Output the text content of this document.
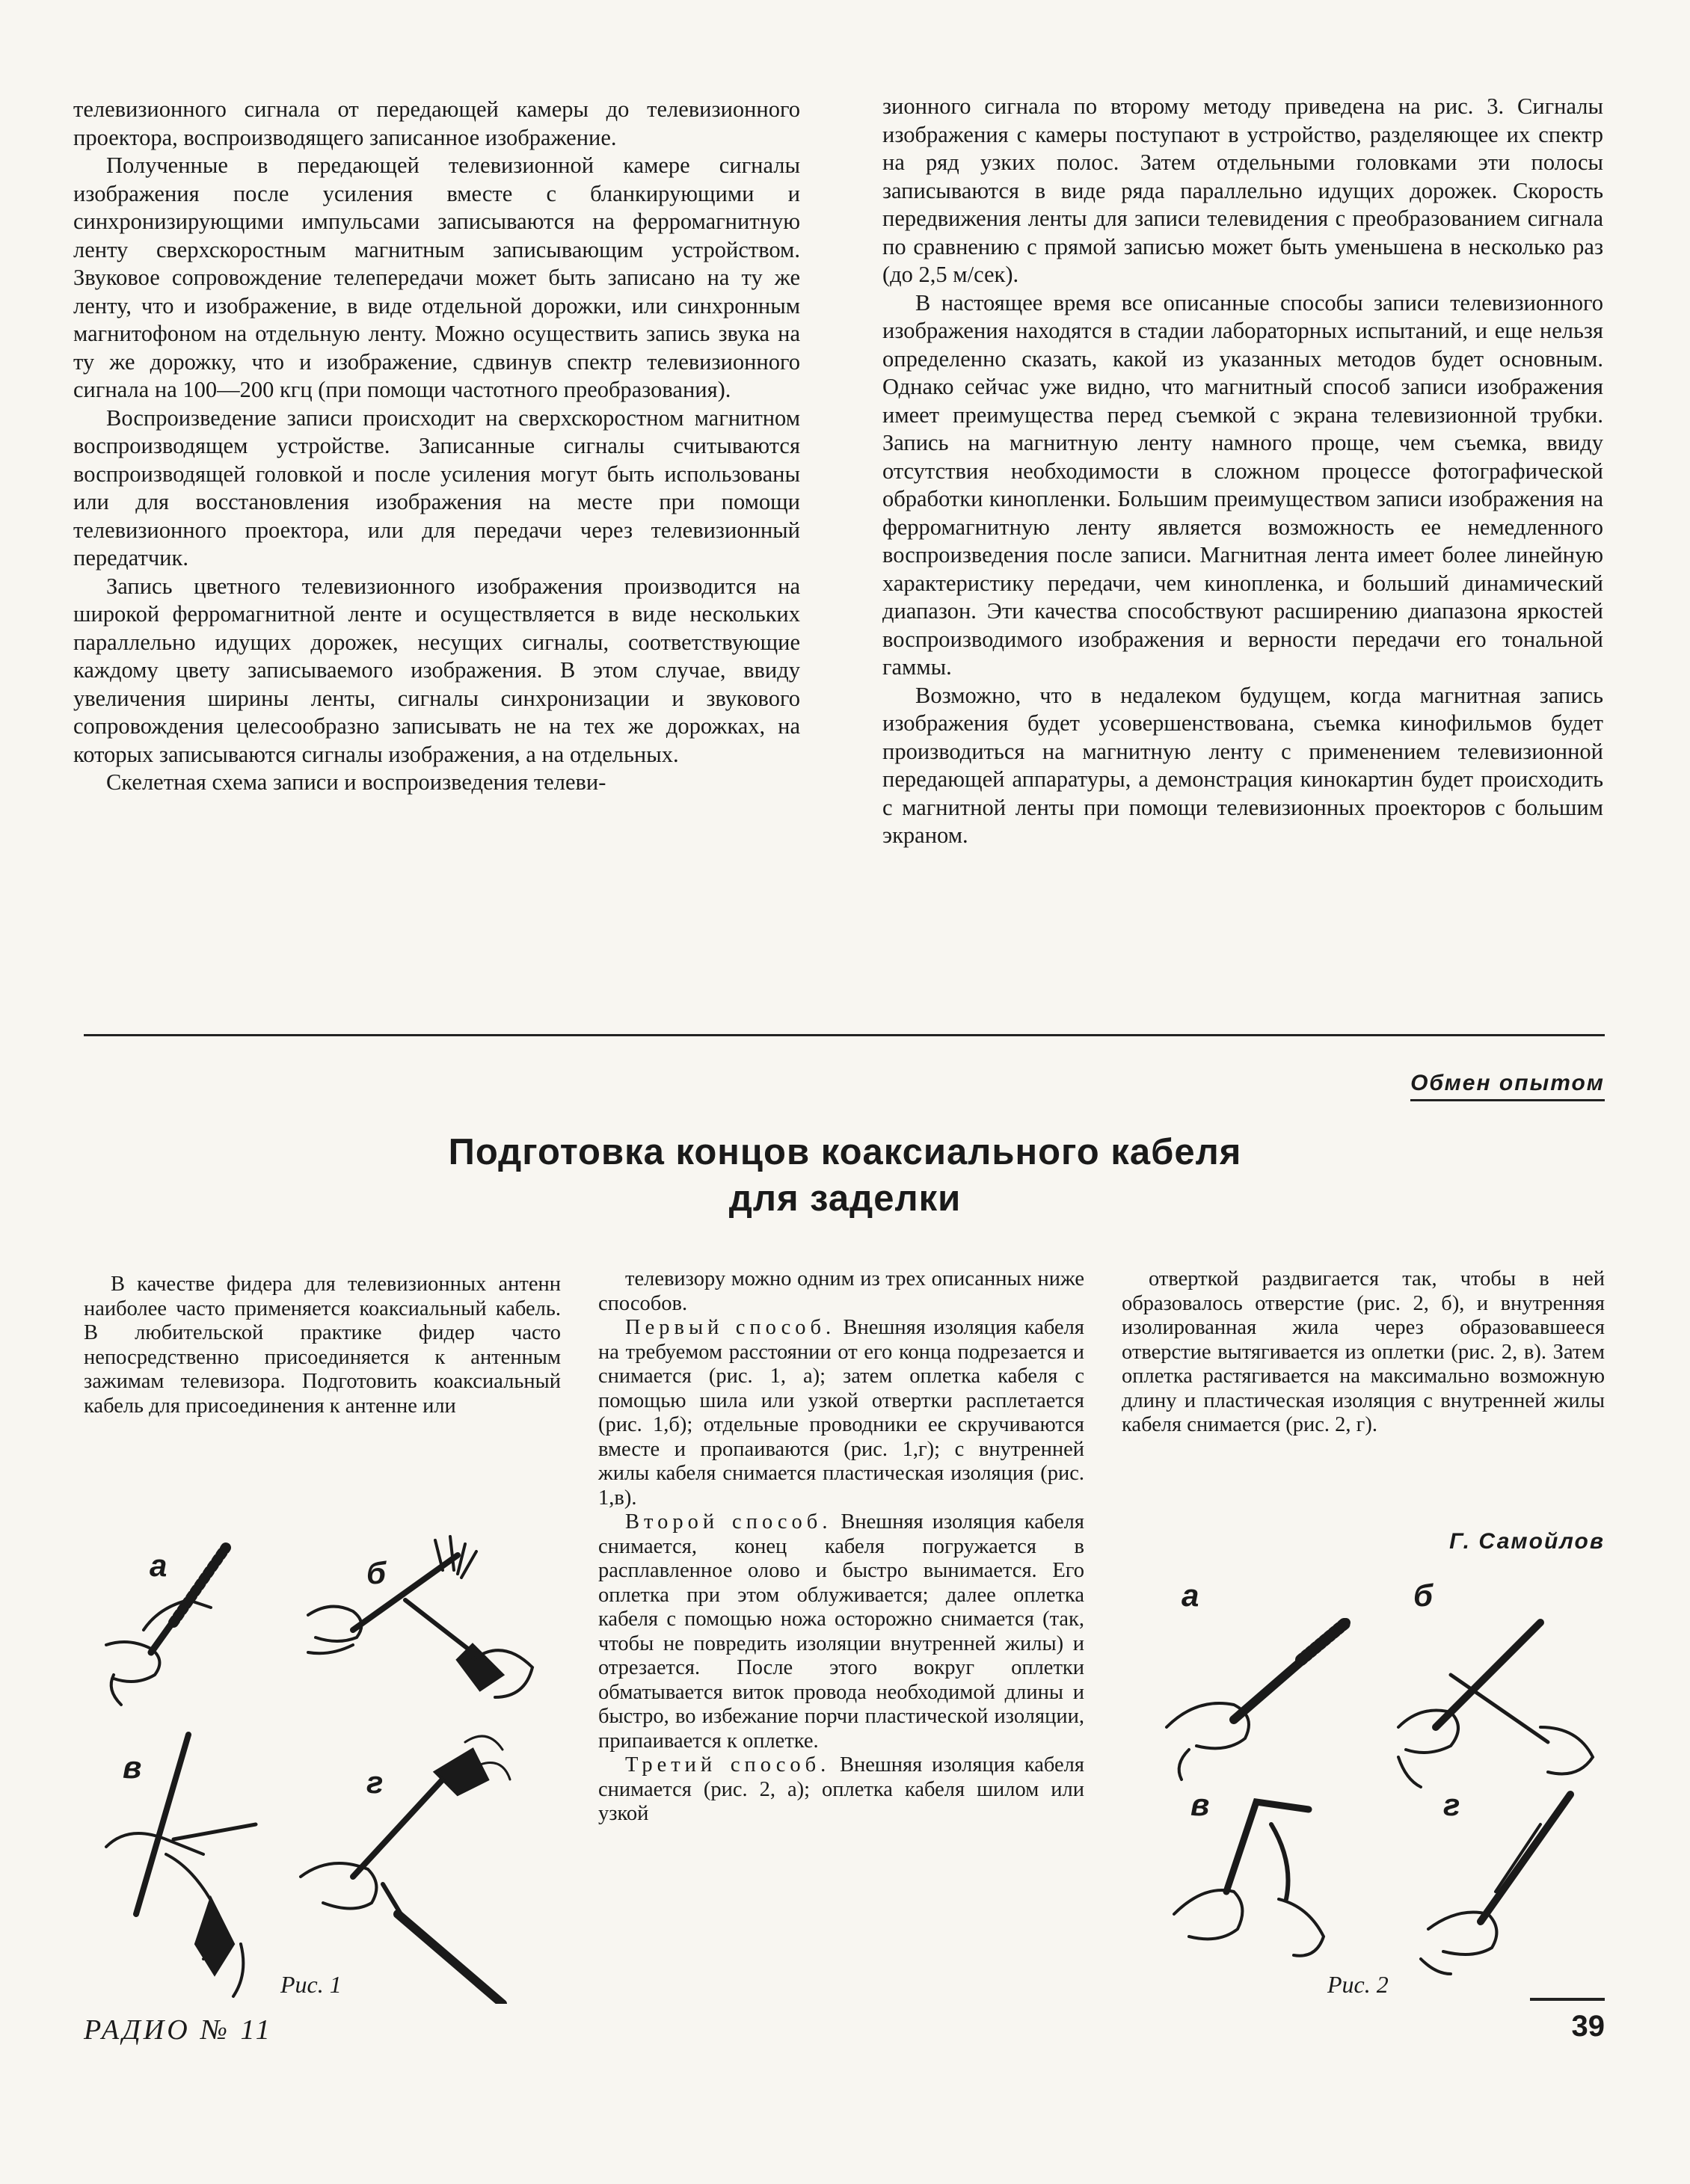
телевизионного сигнала от передающей камеры до телевизионного проектора, воспроизводящего записанное изображение.

Полученные в передающей телевизионной камере сигналы изображения после усиления вместе с бланкирующими и синхронизирующими импульсами записываются на ферромагнитную ленту сверхскоростным магнитным записывающим устройством. Звуковое сопровождение телепередачи может быть записано на ту же ленту, что и изображение, в виде отдельной дорожки, или синхронным магнитофоном на отдельную ленту. Можно осуществить запись звука на ту же дорожку, что и изображение, сдвинув спектр телевизионного сигнала на 100—200 кгц (при помощи частотного преобразования).

Воспроизведение записи происходит на сверхскоростном магнитном воспроизводящем устройстве. Записанные сигналы считываются воспроизводящей головкой и после усиления могут быть использованы или для восстановления изображения на месте при помощи телевизионного проектора, или для передачи через телевизионный передатчик.

Запись цветного телевизионного изображения производится на широкой ферромагнитной ленте и осуществляется в виде нескольких параллельно идущих дорожек, несущих сигналы, соответствующие каждому цвету записываемого изображения. В этом случае, ввиду увеличения ширины ленты, сигналы синхронизации и звукового сопровождения целесообразно записывать не на тех же дорожках, на которых записываются сигналы изображения, а на отдельных.

Скелетная схема записи и воспроизведения телеви-

зионного сигнала по второму методу приведена на рис. 3. Сигналы изображения с камеры поступают в устройство, разделяющее их спектр на ряд узких полос. Затем отдельными головками эти полосы записываются в виде ряда параллельно идущих дорожек. Скорость передвижения ленты для записи телевидения с преобразованием сигнала по сравнению с прямой записью может быть уменьшена в несколько раз (до 2,5 м/сек).

В настоящее время все описанные способы записи телевизионного изображения находятся в стадии лабораторных испытаний, и еще нельзя определенно сказать, какой из указанных методов будет основным. Однако сейчас уже видно, что магнитный способ записи изображения имеет преимущества перед съемкой с экрана телевизионной трубки. Запись на магнитную ленту намного проще, чем съемка, ввиду отсутствия необходимости в сложном процессе фотографической обработки кинопленки. Большим преимуществом записи изображения на ферромагнитную ленту является возможность ее немедленного воспроизведения после записи. Магнитная лента имеет более линейную характеристику передачи, чем кинопленка, и больший динамический диапазон. Эти качества способствуют расширению диапазона яркостей воспроизводимого изображения и верности передачи его тональной гаммы.

Возможно, что в недалеком будущем, когда магнитная запись изображения будет усовершенствована, съемка кинофильмов будет производиться на магнитную ленту с применением телевизионной передающей аппаратуры, а демонстрация кинокартин будет происходить с магнитной ленты при помощи телевизионных проекторов с большим экраном.

Обмен опытом
Подготовка концов коаксиального кабеля
для заделки

В качестве фидера для телевизионных антенн наиболее часто применяется коаксиальный кабель. В любительской практике фидер часто непосредственно присоединяется к антенным зажимам телевизора. Подготовить коаксиальный кабель для присоединения к антенне или

телевизору можно одним из трех описанных ниже способов.

Первый способ. Внешняя изоляция кабеля на требуемом расстоянии от его конца подрезается и снимается (рис. 1, а); затем оплетка кабеля с помощью шила или узкой отвертки расплетается (рис. 1,б); отдельные проводники ее скручиваются вместе и пропаиваются (рис. 1,г); с внутренней жилы кабеля снимается пластическая изоляция (рис. 1,в).

Второй способ. Внешняя изоляция кабеля снимается, конец кабеля погружается в расплавленное олово и быстро вынимается. Его оплетка при этом облуживается; далее оплетка кабеля с помощью ножа осторожно снимается (так, чтобы не повредить изоляции внутренней жилы) и отрезается. После этого вокруг оплетки обматывается виток провода необходимой длины и быстро, во избежание порчи пластической изоляции, припаивается к оплетке.

Третий способ. Внешняя изоляция кабеля снимается (рис. 2, а); оплетка кабеля шилом или узкой

отверткой раздвигается так, чтобы в ней образовалось отверстие (рис. 2, б), и внутренняя изолированная жила через образовавшееся отверстие вытягивается из оплетки (рис. 2, в). Затем оплетка растягивается на максимально возможную длину и пластическая изоляция с внутренней жилы кабеля снимается (рис. 2, г).

Г. Самойлов
а	б
в	г
Рис. 1
а	б
в	г
Рис. 2
РАДИО № 11	39
